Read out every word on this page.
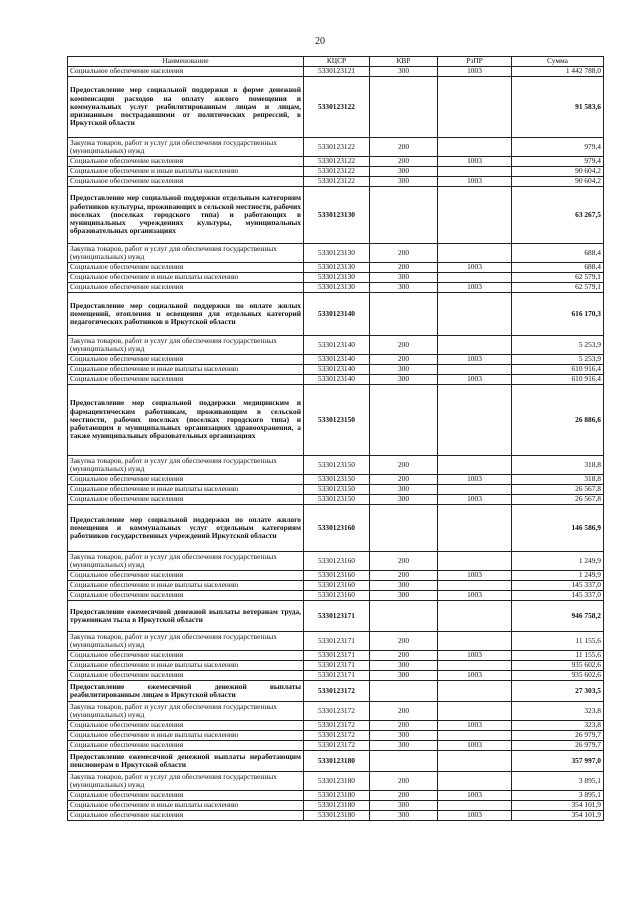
20
Наименование	КЦСР	КВР	РзПР	Сумма
Социальное обеспечение населения	5330123121	300	1003	1 442 788,0
Предоставление мер социальной поддержки в форме денежной компенсации расходов на оплату жилого помещения и коммунальных услуг реабилитированным лицам и лицам, признанным пострадавшими от политических репрессий, в Иркутской области	5330123122			91 583,6
Закупка товаров, работ и услуг для обеспечения государственных (муниципальных) нужд	5330123122	200		979,4
Социальное обеспечение населения	5330123122	200	1003	979,4
Социальное обеспечение и иные выплаты населению	5330123122	300		90 604,2
Социальное обеспечение населения	5330123122	300	1003	90 604,2
Предоставление мер социальной поддержки отдельным категориям работников культуры, проживающих в сельской местности, рабочих поселках (поселках городского типа) и работающих в муниципальных учреждениях культуры, муниципальных образовательных организациях	5330123130			63 267,5
Закупка товаров, работ и услуг для обеспечения государственных (муниципальных) нужд	5330123130	200		688,4
Социальное обеспечение населения	5330123130	200	1003	688,4
Социальное обеспечение и иные выплаты населению	5330123130	300		62 579,1
Социальное обеспечение населения	5330123130	300	1003	62 579,1
Предоставление мер социальной поддержки по оплате жилых помещений, отопления и освещения для отдельных категорий педагогических работников в Иркутской области	5330123140			616 170,3
Закупка товаров, работ и услуг для обеспечения государственных (муниципальных) нужд	5330123140	200		5 253,9
Социальное обеспечение населения	5330123140	200	1003	5 253,9
Социальное обеспечение и иные выплаты населению	5330123140	300		610 916,4
Социальное обеспечение населения	5330123140	300	1003	610 916,4
Предоставление мер социальной поддержки медицинским и фармацевтическим работникам, проживающим в сельской местности, рабочих поселках (поселках городского типа) и работающим в муниципальных организациях здравоохранения, а также муниципальных образовательных организациях	5330123150			26 886,6
Закупка товаров, работ и услуг для обеспечения государственных (муниципальных) нужд	5330123150	200		318,8
Социальное обеспечение населения	5330123150	200	1003	318,8
Социальное обеспечение и иные выплаты населению	5330123150	300		26 567,8
Социальное обеспечение населения	5330123150	300	1003	26 567,8
Предоставление мер социальной поддержки по оплате жилого помещения и коммунальных услуг отдельным категориям работников государственных учреждений Иркутской области	5330123160			146 586,9
Закупка товаров, работ и услуг для обеспечения государственных (муниципальных) нужд	5330123160	200		1 249,9
Социальное обеспечение населения	5330123160	200	1003	1 249,9
Социальное обеспечение и иные выплаты населению	5330123160	300		145 337,0
Социальное обеспечение населения	5330123160	300	1003	145 337,0
Предоставление ежемесячной денежной выплаты ветеранам труда, труженикам тыла в Иркутской области	5330123171			946 758,2
Закупка товаров, работ и услуг для обеспечения государственных (муниципальных) нужд	5330123171	200		11 155,6
Социальное обеспечение населения	5330123171	200	1003	11 155,6
Социальное обеспечение и иные выплаты населению	5330123171	300		935 602,6
Социальное обеспечение населения	5330123171	300	1003	935 602,6
Предоставление ежемесячной денежной выплаты реабилитированным лицам в Иркутской области	5330123172			27 303,5
Закупка товаров, работ и услуг для обеспечения государственных (муниципальных) нужд	5330123172	200		323,8
Социальное обеспечение населения	5330123172	200	1003	323,8
Социальное обеспечение и иные выплаты населению	5330123172	300		26 979,7
Социальное обеспечение населения	5330123172	300	1003	26 979,7
Предоставление ежемесячной денежной выплаты неработающим пенсионерам в Иркутской области	5330123180			357 997,0
Закупка товаров, работ и услуг для обеспечения государственных (муниципальных) нужд	5330123180	200		3 895,1
Социальное обеспечение населения	5330123180	200	1003	3 895,1
Социальное обеспечение и иные выплаты населению	5330123180	300		354 101,9
Социальное обеспечение населения	5330123180	300	1003	354 101,9
